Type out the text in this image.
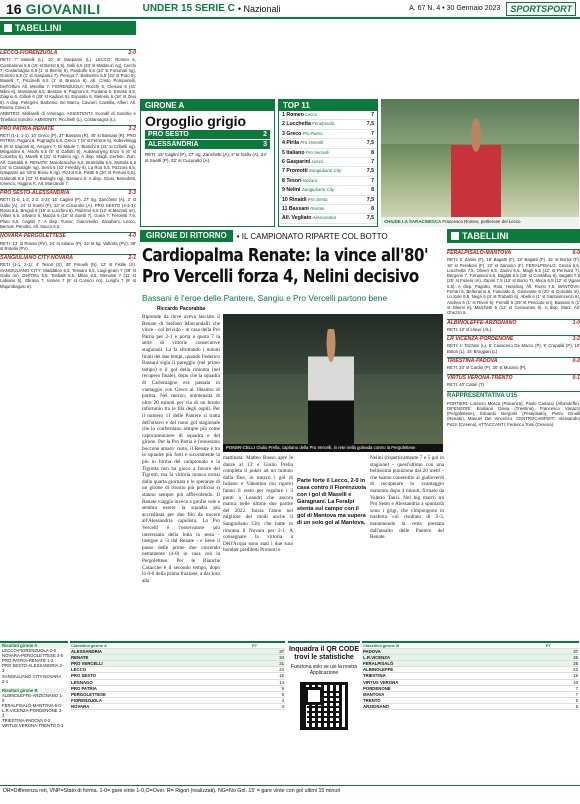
16 GIOVANILI	UNDER 15 SERIE C • Nazionali	A. 67 N. 4 • 30 Gennaio 2023	SPORTSPORT
TABELLINI
LECCO-FIORENZUOLA	2-0
RETI: 7' Maselli (L), 10' st Gasparini (L). LECCO: Romeo 6, Combalonei 6,5 (15' st Bortot 6,5), Galli 6,5 (33' st Mattinuzi ng), Cerchi 7, Costamagna 6,5 (1' st Berrini 6), Pandolfo 6,5 (33' st Fortunati ng), Guinzio 6,5 (1' st Gasparini 7), Perego 7, Barbertini 6,5 (15' st Puto 6), Maselli 7, Piccinelli 6,5 (1' st Brescia 6). All. Cristo Pomponelli, Dell'Ottum All. Mecillia 7. FIORENZUOLA: Rocchi 6, Cleisosi 6 (41' Milini 6), Montanari 6,5, Bersani 6, Pagnoni 6, Fontana 6, Emarsi 6,5, Ziagno 6, Gillioli 6 (25' st Kadicet 6), Esposito 6, Melnelo 6 (18' st Zeio 6). A disp. Pelegrini, Barbesio, De Marco, Cavoeri, Castillia, Alfieri. All. Riviera Cenio 6.
ARBITRO: Mollarelli di Vimirago. ASSISTENTI: Scondil di Sondrio e Tinellacil Sondrio. AMMONITI: Piccinelli (L), Costamagna (L).
PRO PATRIA-RENATE	1-2
RETI (1-1, 1-1): 10' Greco (P), 37' Bassani (R), 40' st Bassani (R). PRO PATRIA: Pagani 6, Pognaghi 6,5, Greco 7 (8' st Fetrone 6), Kubevlmigg 6 (8' st Saponti 6), Arrigoni 7, Di Maule 7, Bianchi 6 (31' st Cribelli ng), Mingardini 6, Alsohi 6,5 (6' st Gallotti 6), Aubanoriyng Enzo 6 (6' st Colombo 6), Marelli 6 (31' st Fabrini ng). A disp. Magli, Gerbito, Zuin. All. Gastaldi 6. RENATE: Marobracchie 6,5, Brambilla 6,5, Mottola 6,5 (34' st Casiraghi ng), Serra 6 (42' Feleddy 6), La Roa 6,5, Pazzoni 6,5, Gasparini ad 'Sh'st Brivio 6 ng), Pizzol 6,5, Pilotti 6 (20' st Pertusi 6,5), Galarotti 6,5 (33' st Barlaghi ng), Bassani 8. A disp. Giusi, Benedetti, Ionesco, Higgins K. All. Marcandri 7.
PRO SESTO-ALESSANDRIA	2-3
RETI (1-0, 1-2, 2-2, 2-3): 15' Caglini (P), 27' tig. Zanchetti (A), 2' st Gallo (A), 24' st Soetti (P), 32' st Cucurullo (A). PRO SESTO (4-3-3): Rossi 6,5, Bregoli 6 (18' st Lucchini 6), Palermo 6,5 (12' st Mazzeli nn), Villani 6,5, Silvano 6, Mazza 6 (16' st Soetti 7), Goria 7, Feroletti 7,5, Pluto 6,5, Caglini 7. A disp. Tunior, Giacomello, Zanaboni, Lecco, Bernoit, Penotto. All. Sacco 6,5.
NOVARA-PERGOLETTESE	4-0
RETI: 13' st Rossa (PV), 24' st Iuliano (P), 34' st tig. Valtorta (PV), 39' st Rotella (PV).
SANGIULIANO CITY-NOVARA	2-1
RETI (1-1, 2-1): 4' Tesori (S), 30' Pinuelli (N), 12' st Fistile (S). SANGIULIANO CITY: Maddalon 6,5, Tessaro 6,5, Luigi-geam 7 (28' st Gallo nn), Dell'Orto 6,5, Tosbalit 6,5, Milan 6,5, Menossi 7 (11' st Labiano 6), Sbrana 7, Ionnes 7 (5' st Corsico nn), Lurighi 7 (9' st Mujumbagolo 6).
GIRONE A
Orgoglio grigio
PRO SESTO	2
ALESSANDRIA	3
RETI: 15' Caglini (P), 27' rig. Zanchetti (A), 2' st Gallo (A), 24' st Soetti (P), 32' st Cucurullo (A).
TOP 11
1 Romeo Lecco	7
2 Lucchetta Feralpisalò	7,5
3 Greco Pro Patria	7
4 Pirila Pro Vercelli	7,5
5 Italiano Pro Vercelli	8
6 Gasparini Lecco	7
7 Promotti Sangiuliano City	7,5
8 Tesori Novara	7
9 Nelini Sangiuliano City	8
10 Rinaldi Pro Sesto	7,5
11 Bassani Renate	8
All. Vegliato Alessandria	7,5
CHIUDE LA SARACINESCA Francesco Romeo, portierone del Lecco
GIRONE DI RITORNO	• IL CAMPIONATO RIPARTE COL BOTTO
Cardiopalma Renate: la vince all'80'
Pro Vercelli forza 4, Nelini decisivo
Bassani è l'eroe delle Pantere, Sangiu e Pro Vercelli partono bene
Riccardo Pacorabba
Riprende da dove aveva lasciato il Renate di Stefano Marcandalli che vince - col brivido - in casa della Pro Patria per 2-1 e porta a quota 7 la serie di vittorie consecutive stagionali. La fa sfruttando i minuti finali dei due tempi, quando Federico Bassani sigla il pareggio (nel primo tempo) e il gol della rimonta (nel recupero finale), dopo che la squadra di Carlomagno era passata in vantaggio con Greco al 10esimo di partita. Nel mezzo, unintensità di oltre 20 minuti per via di un brutto infortunio tra le fila degli ospiti. Per il numero 11 delle Pantere si tratta dell'ottavo e del nono gol stagionale che lo confermano sempre più come capocannoniere di squadra e del girone. Per la Pro Patria è l'ennesimo boccone amaro: certo, il Renate è tra le squadre più forti e sicuramente la più in forma del campionato e la Tigrotta non ha gioco a favore dei Tigrotti, ma la vittoria manca ormai dalla quarta giornata e le speranze di un girone di ritorno più proficuo si stanno sempre più affievolendo. Il Renate viaggia invece a gonfie vele e sembra essere la squadra più accreditata per due filo da torcere all'Alessandria capolista. La Pro Vercelli è l'osservatore più interessata della lotta in testa - insegue a -3 dal Renate - e tiene il passo delle prime due vincendo nettamente (4-0) in casa con la Pergolettese. Per le Bianche Casacche è il secondo tempo, dopo lo 0-0 della prima frazione, a dar loro alla
POKER-CELLI Giulio Prella, capitano della Pro Vercelli, in rete nella goleada contro la Pergolettese
mattinata: Matteo Rosso apre le danze al 13' e Giulio Prella completa il poker ad un minuto dalla fine, in mezzo i gol di Iuliano e Valentino (su rigore) fanno il resto per regalare i 3 punti a Leandri che ancora manca nelle ultime due partite del 2022. Inizia l'anno nel migliore dei modi anche il Sangiuliano City che batte in rimonta il Novara per 2-1. A consegnare la vittoria a Dell'Acqua sono stati i due suoi bomber prediletti Promoti e
Parte forte il Lecco, 2-0 in casa contro il Fiorenzuola con i gol di Maselli e Garagnani. La Feralpi stenta sul campo con il gol di Mantova ma supera di un solo gol al Mantova.
Nelini (rispettivamente 7 e 5 gol in stagione) - quest'ultimo con una bellissima punizione dai 20 metri - che hanno consentito ai gialloverdi di recuperare lo svantaggio maturato dopo 4 minuti, firmato da Valerio Tanzi. Nel big match tra Pro Sesto e Alessandria a spuntarla sono i grigi, che s'impongono in trasferta col risultato di 2-3, mantenendo la vetta prestata dall'assalto delle Pantere del Renate.
TABELLINI
FERALPISALÒ-MANTOVA	6-0
RETI: 5' Zanini (F), 16' Bagatti (F), 18' Bagatti (F), 15' st Bortot (F), 18' st Peraboni (F), 22' st Sannino (F). FERALPISALÒ: Gessa 6,5, Lucchetta 7,5, Oliveri 6,5, Zanini 6,5, Magli 6,5 (12' st Perinant 7), Bergomi 7, Tomasoni 6,5, Bagatti 6,5 (25' st Costalluo 6), Bagatti 7,5 (25' st Fuselo nn), Zanini 7,5 (12' st Borro 7), Muca 6,5 (12' st Vigani 6,5). A disp. Pagotto, Rosi, Huseinaj. All. Rossi 7,5. MANTOVA: Ferrari 6, Belteramo 6, Fuscaldo 6, Girvivante 6 (20' st Gondani st), Lo Sole 6,5, Negri 6 (8' st Trabalzi 6), Abelli 6 (1' st Santovincenzi 6), Andrea 6 (1' st Rivori 6), Ferrulli 6 (25' st Pesciato nn), Bassani 6 (1' st Gleimi 6), Marchetti 6 (12' st Ceravones 6). A disp. Marz. All. Ghezzo 6.
ALBINOLEFFE-ARZIGNANO	1-0
RETI: 10' st Llieve (AL).
LR VICENZA-PORDENONE	3-2
RETI: 1' Tazzato (L), 5' Cavaceno De Marco (P), 9' Crepaldi (P), 10' Bitton (L), 15' Broggian (L).
TRIESTINA-PADOVA	0-2
RETI: 20' st Cardin (P), 30' st Murano (P).
VIRTUS VERONA-TRENTO	0-1
RETI: 40' Catari (T).
RAPPRESENTATIVA U15
PORTIERI: Lorenzo Mosca (Piacenza), Paolo Cartacci (Albinoleffe). DIFENSORI: Emiliano Davia (Triestina), Francesco Vanazzi (Pergolettese), Edoardo Bergomi (Feralpisalò), Pietro Dinulli (Renate), Manuel Del Vincenzo. CENTROCAMPISTI: Alessandro Pozzi (Cesena). ATTACCANTI: Federico Torsi (Cesena).
Risultati girone A
LECCO-FIORENZUOLA 2-0
NOVARA-PERGOLETTESE 4-0
PRO PATRIA-RENATE 1-2
PRO SESTO-ALESSANDRIA 2-3
SANGIULIANO CITY-NOVARA 2-1
Risultati girone B
ALBINOLEFFE-ARZIGNANO 1-0
FERALPISALÒ-MANTOVA 6-0
L.R.VICENZA-PORDENONE 3-2
TRIESTINA-PADOVA 0-2
VIRTUS VERONA-TRENTO 0-1
Classifica girone A	PT
ALESSANDRIA	37
RENATE	34
PRO VERCELLI	31
LECCO	24
PRO SESTO	16
LEGNAGO	14
PRO PATRIA	9
PERGOLETTESE	9
FIORENZUOLA	4
NOVARA	4
Inquadra il QR CODE trovi le statistiche
Funziona solo se usi la nostra Applicazione
Classifica girone B	PT
PADOVA	37
L.R.VICENZA	26
FERALPISALÒ	25
ALBINOLEFFE	22
TRIESTINA	16
VIRTUS VERONA	10
PORDENONE	7
MANTOVA	7
TRENTO	5
ARZIGNANO	5
DR=Differenza reti, VNP=Stato di forma. 1-0= gare vinte 1-0,O=Over. R= Rigori (realizzati). NG=No Gol. 15' = gare vinte con gol ultimi 15 minuti
